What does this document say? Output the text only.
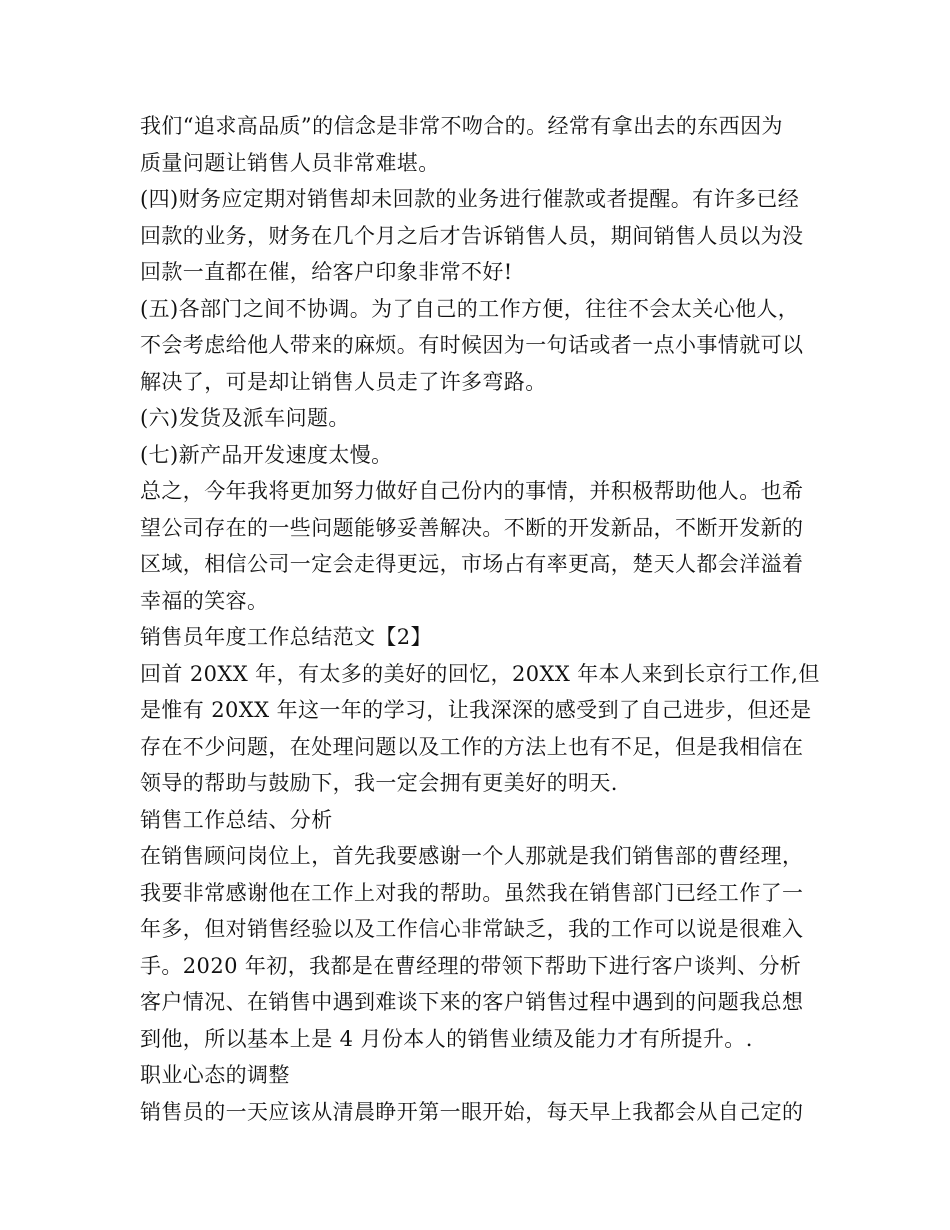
我们“追求高品质”的信念是非常不吻合的。经常有拿出去的东西因为
质量问题让销售人员非常难堪。
(四)财务应定期对销售却未回款的业务进行催款或者提醒。有许多已经
回款的业务，财务在几个月之后才告诉销售人员，期间销售人员以为没
回款一直都在催，给客户印象非常不好!
(五)各部门之间不协调。为了自己的工作方便，往往不会太关心他人，
不会考虑给他人带来的麻烦。有时候因为一句话或者一点小事情就可以
解决了，可是却让销售人员走了许多弯路。
(六)发货及派车问题。
(七)新产品开发速度太慢。
总之，今年我将更加努力做好自己份内的事情，并积极帮助他人。也希
望公司存在的一些问题能够妥善解决。不断的开发新品，不断开发新的
区域，相信公司一定会走得更远，市场占有率更高，楚天人都会洋溢着
幸福的笑容。
销售员年度工作总结范文【2】
回首 20XX 年，有太多的美好的回忆，20XX 年本人来到长京行工作,但
是惟有 20XX 年这一年的学习，让我深深的感受到了自己进步，但还是
存在不少问题，在处理问题以及工作的方法上也有不足，但是我相信在
领导的帮助与鼓励下，我一定会拥有更美好的明天.
销售工作总结、分析
在销售顾问岗位上，首先我要感谢一个人那就是我们销售部的曹经理，
我要非常感谢他在工作上对我的帮助。虽然我在销售部门已经工作了一
年多，但对销售经验以及工作信心非常缺乏，我的工作可以说是很难入
手。2020 年初，我都是在曹经理的带领下帮助下进行客户谈判、分析
客户情况、在销售中遇到难谈下来的客户销售过程中遇到的问题我总想
到他，所以基本上是 4 月份本人的销售业绩及能力才有所提升。.
职业心态的调整
销售员的一天应该从清晨睁开第一眼开始，每天早上我都会从自己定的
